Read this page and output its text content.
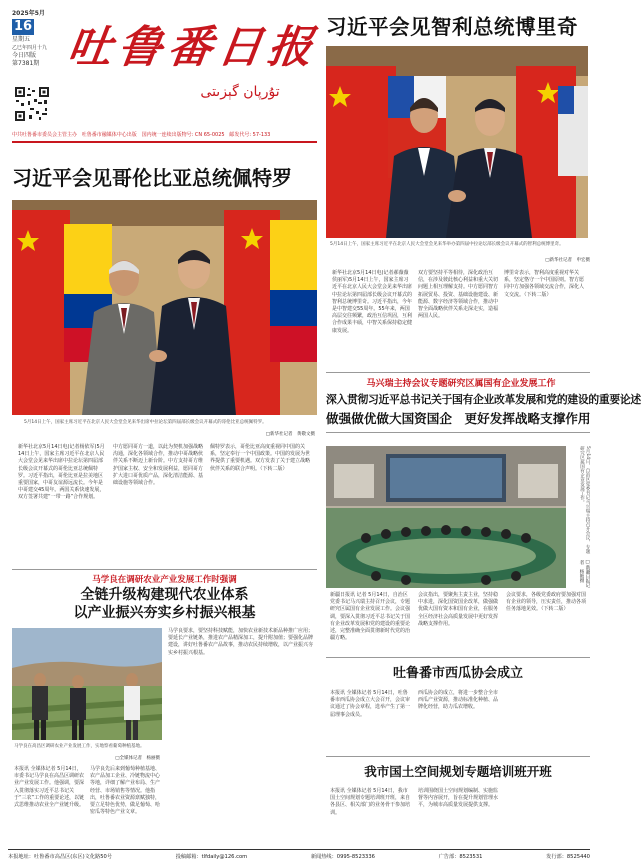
2025年5月
16
星期五
乙巳年四月十九
今日四版
第7381期 吐鲁番日报
تۇرپان گېزىتى
中共吐鲁番市委员会主管主办 吐鲁番市融媒体中心出版 国内统一连续出版物号: CN 65-0025 邮发代号: 57-133
习近平会见智利总统博里奇
5月14日上午，国家主席习近平在北京人民大会堂会见来华举办第四届中拉论坛部长级会议开幕式的智利总统博里奇。
□新华社记者　申宏摄
新华社北京5月14日电(记者郝薇薇 侯丽军)5月14日上午，国家主席习近平在北京人民大会堂会见来华出席中拉论坛第四届部长级会议开幕式的智利总统博里奇。习近平指出，今年是中智建交55周年。55年来，两国高层交往频繁，政治互信巩固，互利合作成果丰硕，中智关系保持稳定健康发展。
双方要坚持平等相待，深化政治互信，在涉及彼此核心利益和重大关切问题上相互理解支持。中方愿同智方拓展贸易、投资、基础设施建设、新能源、数字经济等领域合作，推动中智全面战略伙伴关系走深走实，造福两国人民。
博里奇表示，智利高度重视对华关系，坚定恪守一个中国原则。智方愿同中方加强各领域交流合作，深化人文交流。（下转二版）
习近平会见哥伦比亚总统佩特罗
5月14日上午，国家主席习近平在北京人民大会堂会见来华出席中拉论坛第四届部长级会议开幕式的哥伦比亚总统佩特罗。
□新华社记者　黄敬文摄
新华社北京5月14日电(记者杨依军)5月14日上午，国家主席习近平在北京人民大会堂会见来华出席中拉论坛第四届部长级会议开幕式的哥伦比亚总统佩特罗。习近平指出，哥伦比亚是拉美地区重要国家，中哥友谊源远流长。今年是中哥建交45周年。两国关系快速发展，双方签署共建“一带一路”合作规划。
中方愿同哥方一道，以此为契机加强战略沟通，深化各领域合作，推动中哥战略伙伴关系不断迈上新台阶。中方支持哥方维护国家主权、安全和发展利益，愿同哥方扩大进口哥优质产品，深化清洁能源、基础设施等领域合作。
佩特罗表示，哥伦比亚高度重视同中国的关系，坚定奉行一个中国政策。中国的发展为世界提供了重要机遇。双方发表了关于建立战略伙伴关系的联合声明。（下转二版）
马兴瑞主持会议专题研究区属国有企业发展工作
深入贯彻习近平总书记关于国有企业改革发展和党的建设的重要论述
做强做优做大国资国企　更好发挥战略支撑作用
5月14日，自治区党委书记马兴瑞主持召开会议，专题研究区属国有企业发展工作。
□新疆日报记者　杨艳摄
新疆日报讯 记者 5月14日，自治区党委书记马兴瑞主持召开会议，专题研究区属国有企业发展工作。会议强调，要深入贯彻习近平总书记关于国有企业改革发展和党的建设的重要论述，完整准确全面贯彻新时代党的治疆方略。
会议指出，要聚焦主责主业，坚持稳中求进，深化国资国企改革，做强做优做大国有资本和国有企业，在服务全区经济社会高质量发展中更好发挥战略支撑作用。
会议要求，各级党委政府要加强对国有企业的领导，压实责任，推动各项任务落地见效。（下转二版）
马学良在调研农业产业发展工作时强调
全链升级构建现代农业体系
以产业振兴夯实乡村振兴根基
马学良在高昌区调研农业产业发展工作，实地察看葡萄种植基地。
□全媒体记者　杨丽摄
本报讯 全媒体记者 5月14日，市委书记马学良在高昌区调研农业产业发展工作。他强调，要深入贯彻落实习近平总书记关于“三农”工作的重要论述，以链式思维推动农业全产业链升级。
马学良先后来到葡萄种植基地、农产品加工企业、冷链物流中心等地，详细了解产业布局、生产经营、市场销售等情况。他指出，吐鲁番农业资源禀赋独特，要立足特色优势，做足葡萄、哈密瓜等特色产业文章。
马学良要求，要坚持科技赋能，加快农业新技术新品种推广应用；要延长产业链条，推进农产品精深加工，提升附加值；要强化品牌建设，讲好吐鲁番农产品故事，推动农民持续增收，以产业振兴夯实乡村振兴根基。
吐鲁番市西瓜协会成立
本报讯 全媒体记者 5月14日，吐鲁番市西瓜协会成立大会召开，会议审议通过了协会章程，选举产生了第一届理事会成员。
西瓜协会的成立，将进一步整合全市西瓜产业资源，推动标准化种植、品牌化经营，助力瓜农增收。
我市国土空间规划专题培训班开班
本报讯 全媒体记者 5月14日，我市国土空间规划专题培训班开班，来自各县区、相关部门的业务骨干参加培训。
培训围绕国土空间规划编制、实施监督等内容展开，旨在提升规划管理水平，为城市高质量发展提供支撑。
本报地址：吐鲁番市高昌区(东区)文化路50号	投稿邮箱：tlfdaily@126.com	新闻热线：0995-8523336	广告部：8523531	发行部：8525440
